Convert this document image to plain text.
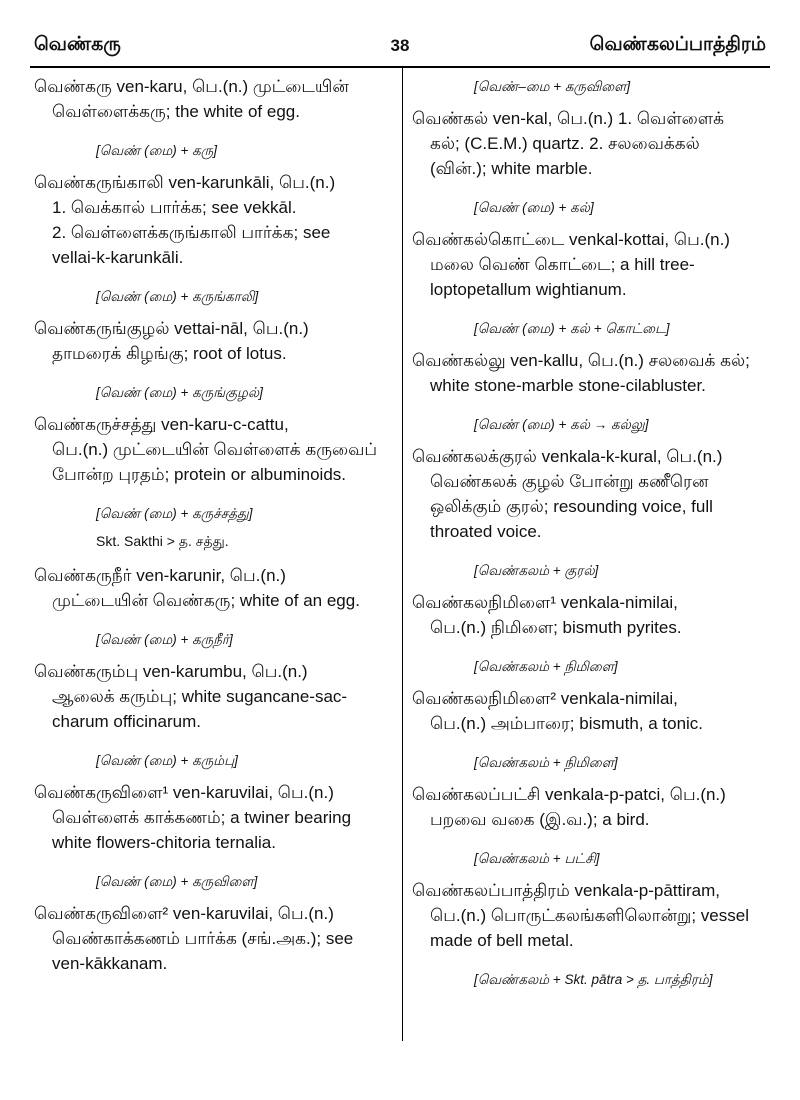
வெண்கரு	38	வெண்கலப்பாத்திரம்

வெண்கரு ven-karu, பெ.(n.) முட்டையின்

வெள்ளைக்கரு; the white of egg.

[வெண் (மை) + கரு]

வெண்கருங்காலி ven-karunkāli, பெ.(n.)

1. வெக்கால் பார்க்க; see vekkāl.

2. வெள்ளைக்கருங்காலி பார்க்க; see

vellai-k-karunkāli.

[வெண் (மை) + கருங்காலி]

வெண்கருங்குழல் vettai-nāl, பெ.(n.)

தாமரைக் கிழங்கு; root of lotus.

[வெண் (மை) + கருங்குழல்]

வெண்கருச்சத்து ven-karu-c-cattu,

பெ.(n.) முட்டையின் வெள்ளைக் கருவைப்

போன்ற புரதம்; protein or albuminoids.

[வெண் (மை) + கருச்சத்து]
Skt. Sakthi > த. சத்து.

வெண்கருநீர் ven-karunir, பெ.(n.)

முட்டையின் வெண்கரு; white of an egg.

[வெண் (மை) + கருநீர்]

வெண்கரும்பு ven-karumbu, பெ.(n.)

ஆலைக் கரும்பு; white sugancane-sac-

charum officinarum.

[வெண் (மை) + கரும்பு]

வெண்கருவிளை¹ ven-karuvilai, பெ.(n.)

வெள்ளைக் காக்கணம்; a twiner bearing

white flowers-chitoria ternalia.

[வெண் (மை) + கருவிளை]

வெண்கருவிளை² ven-karuvilai, பெ.(n.)

வெண்காக்கணம் பார்க்க (சங்.அக.); see

ven-kākkanam.

[வெண்–மை + கருவிளை]

வெண்கல் ven-kal, பெ.(n.) 1. வெள்ளைக்

கல்; (C.E.M.) quartz. 2. சலவைக்கல்

(வின்.); white marble.

[வெண் (மை) + கல்]

வெண்கல்கொட்டை venkal-kottai, பெ.(n.)

மலை வெண் கொட்டை; a hill tree-

loptopetallum wightianum.

[வெண் (மை) + கல் + கொட்டை]

வெண்கல்லு ven-kallu, பெ.(n.) சலவைக் கல்;

white stone-marble stone-cilabluster.

[வெண் (மை) + கல் → கல்லு]

வெண்கலக்குரல் venkala-k-kural, பெ.(n.)

வெண்கலக் குழல் போன்று கணீரென

ஒலிக்கும் குரல்; resounding voice, full

throated voice.

[வெண்கலம் + குரல்]

வெண்கலநிமிளை¹ venkala-nimilai,

பெ.(n.) நிமிளை; bismuth pyrites.

[வெண்கலம் + நிமிளை]

வெண்கலநிமிளை² venkala-nimilai,

பெ.(n.) அம்பாரை; bismuth, a tonic.

[வெண்கலம் + நிமிளை]

வெண்கலப்பட்சி venkala-p-patci, பெ.(n.)

பறவை வகை (இ.வ.); a bird.

[வெண்கலம் + பட்சி]

வெண்கலப்பாத்திரம் venkala-p-pāttiram,

பெ.(n.) பொருட்கலங்களிலொன்று; vessel

made of bell metal.

[வெண்கலம் + Skt. pātra > த. பாத்திரம்]
